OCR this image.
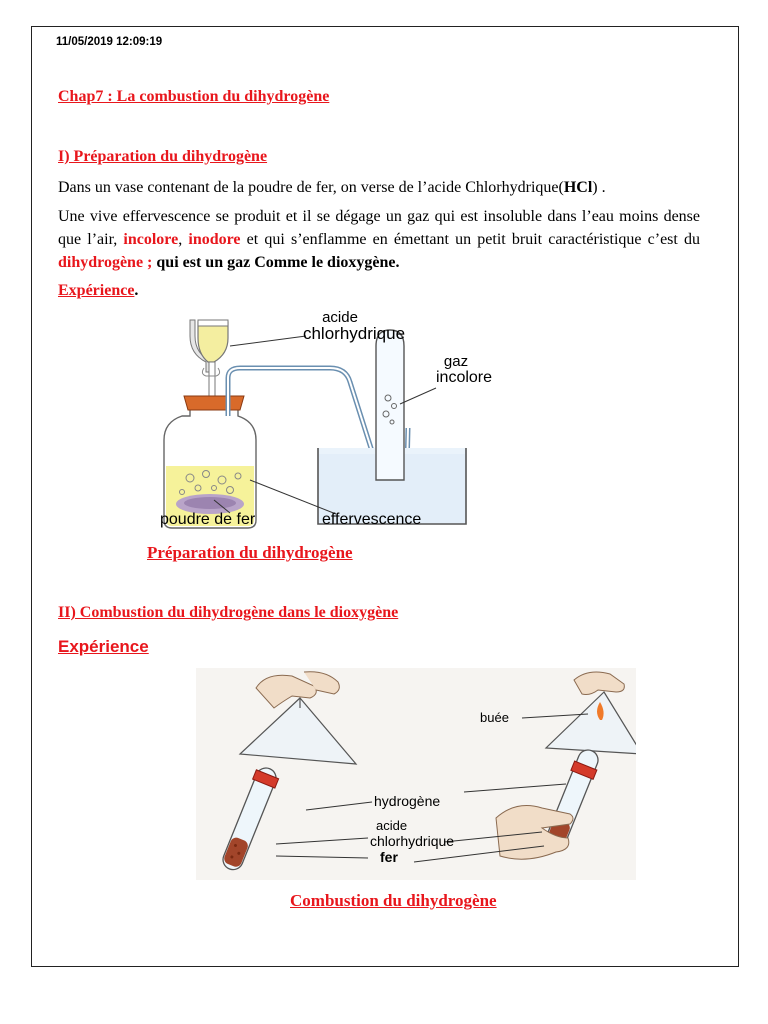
11/05/2019 12:09:19
Chap7 : La combustion du dihydrogène
I) Préparation du dihydrogène
Dans un vase contenant de la poudre de fer, on verse de l’acide Chlorhydrique(HCl) .
Une vive effervescence se produit et il se dégage un gaz qui est insoluble dans l’eau moins dense que l’air, incolore, inodore et qui s’enflamme en émettant un petit bruit caractéristique c’est du dihydrogène ; qui est un gaz Comme le dioxygène.
Expérience.
acide
chlorhydrique
gaz
incolore
poudre de fer	effervescence
Préparation du dihydrogène
II) Combustion du dihydrogène dans le dioxygène
Expérience
buée
hydrogène
acide
chlorhydrique
fer
Combustion du dihydrogène
